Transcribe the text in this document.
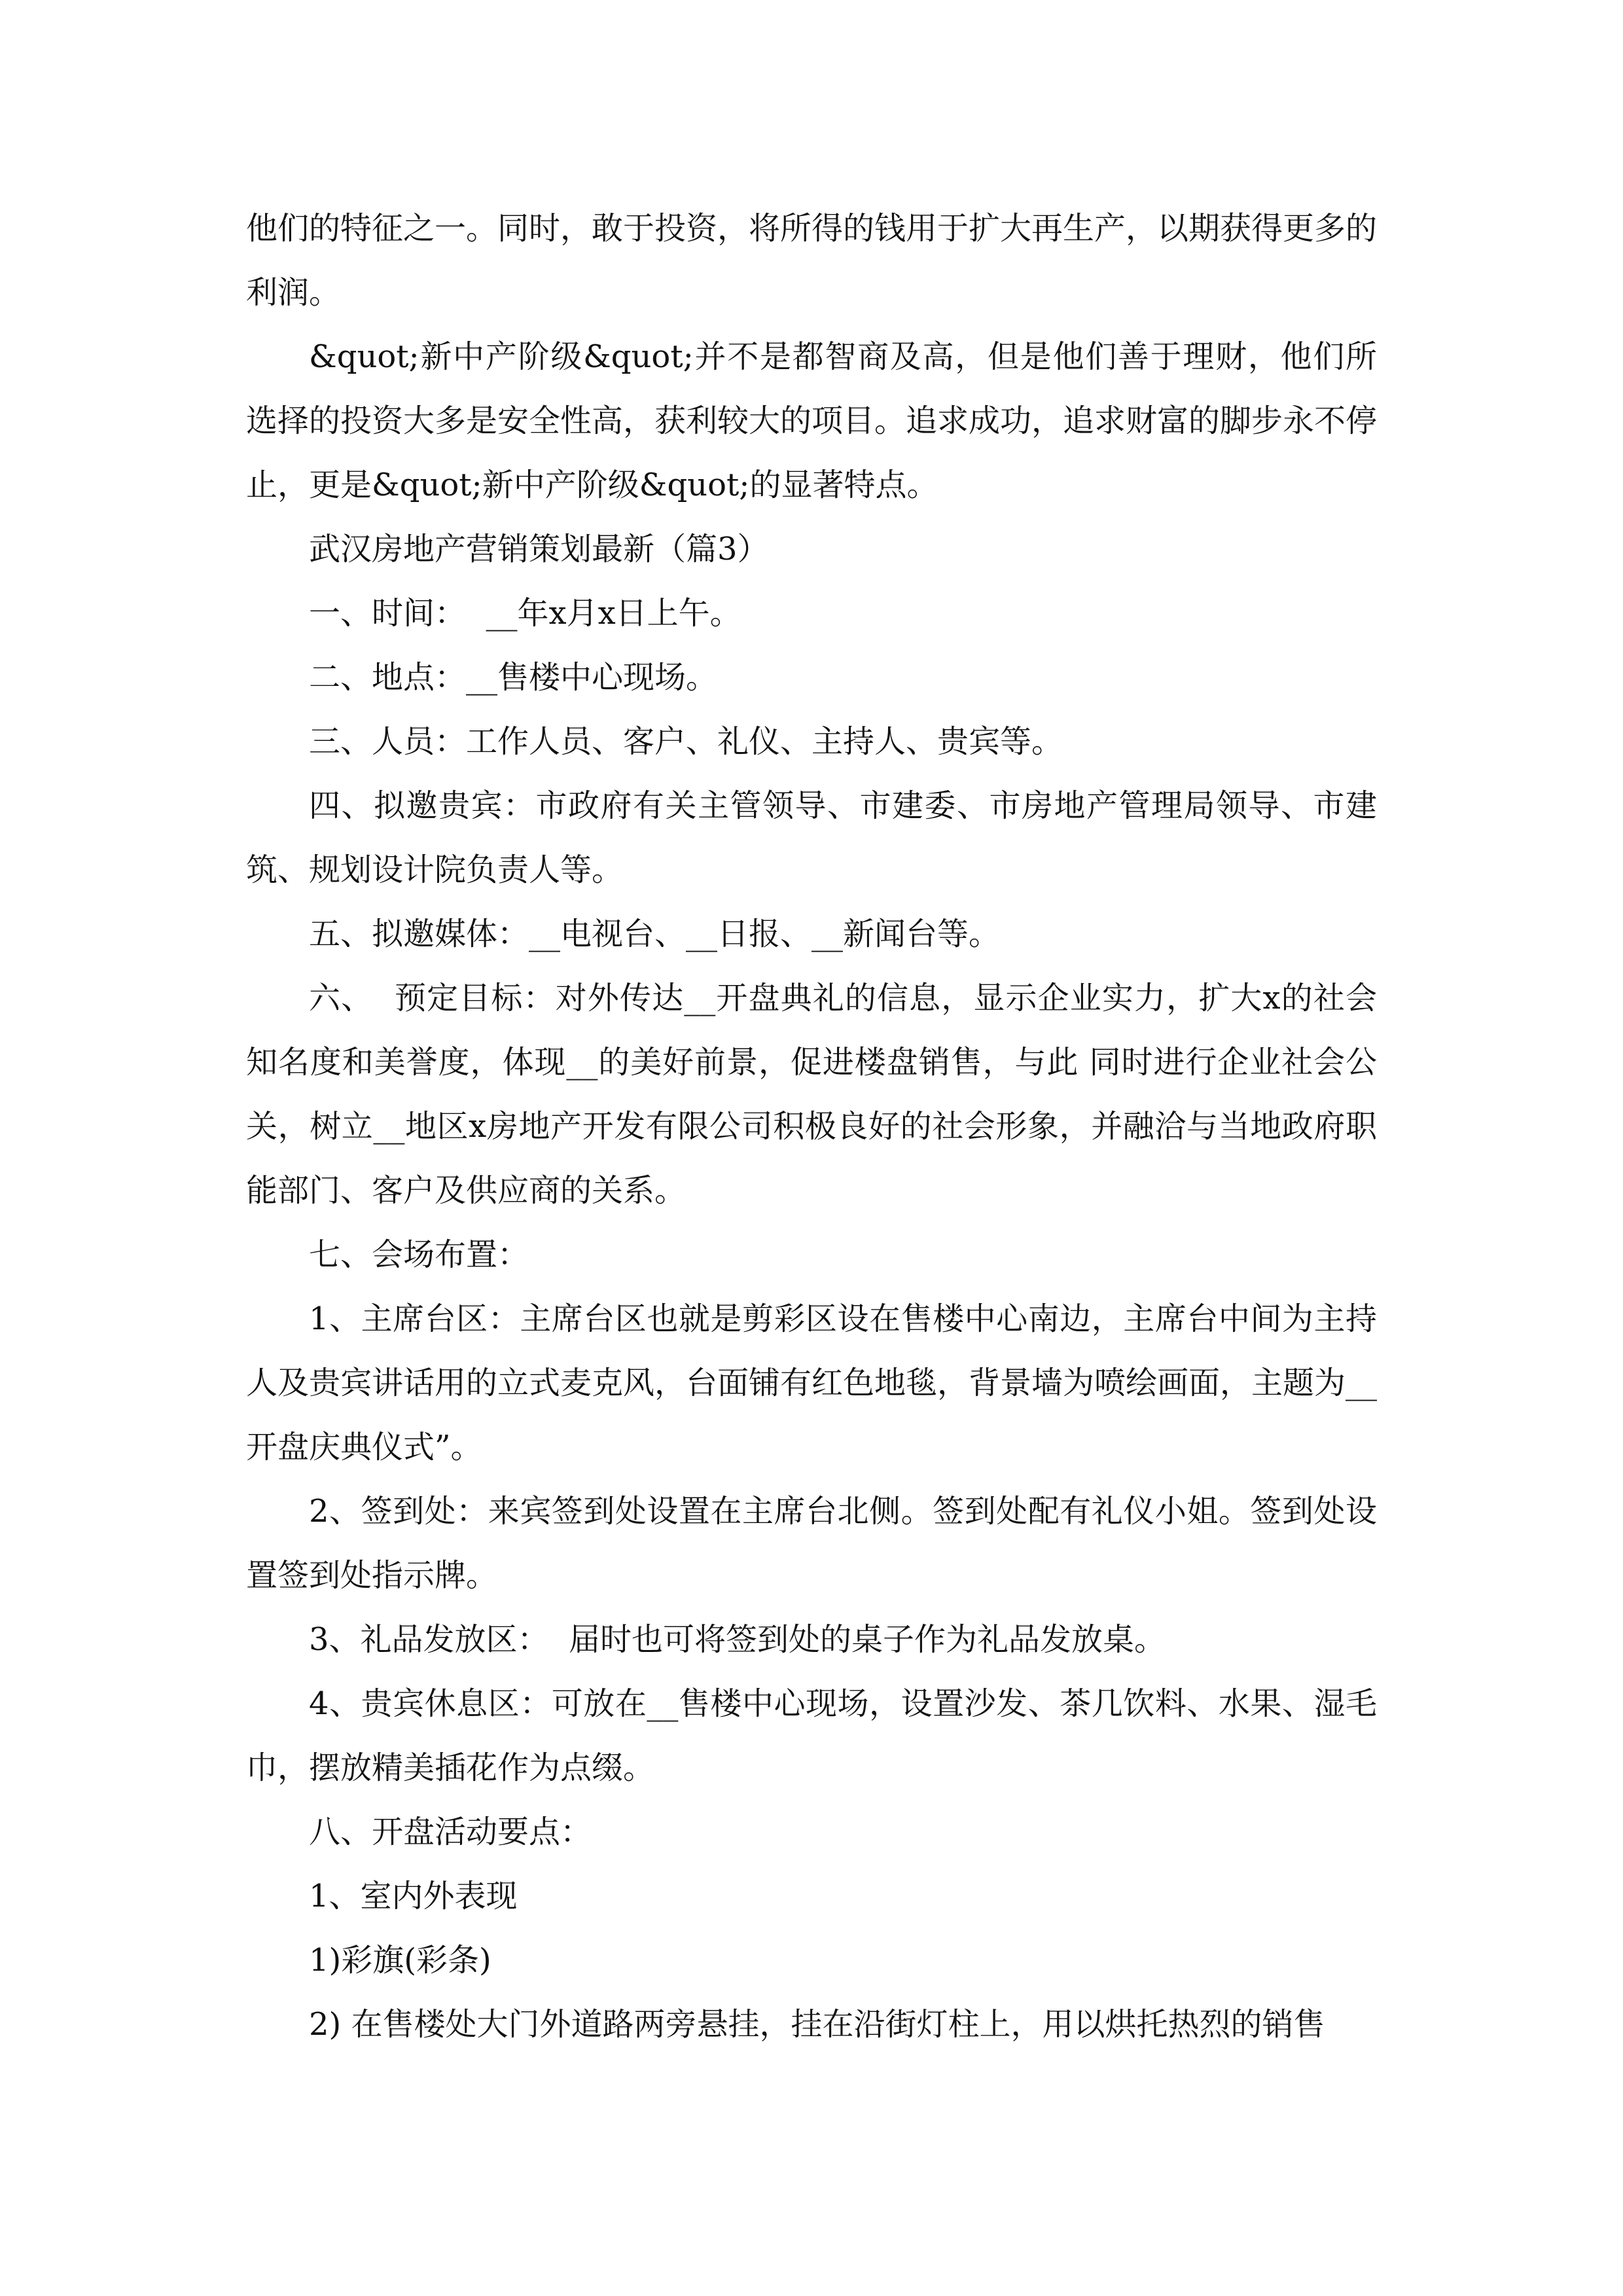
他们的特征之一。同时，敢于投资，将所得的钱用于扩大再生产，以期获得更多的利润。

&quot;新中产阶级&quot;并不是都智商及高，但是他们善于理财，他们所选择的投资大多是安全性高，获利较大的项目。追求成功，追求财富的脚步永不停止，更是&quot;新中产阶级&quot;的显著特点。

武汉房地产营销策划最新（篇3）

一、时间：  __年x月x日上午。

二、地点：__售楼中心现场。

三、人员：工作人员、客户、礼仪、主持人、贵宾等。

四、拟邀贵宾：市政府有关主管领导、市建委、市房地产管理局领导、市建筑、规划设计院负责人等。

五、拟邀媒体：__电视台、__日报、__新闻台等。

六、  预定目标：对外传达__开盘典礼的信息，显示企业实力，扩大x的社会知名度和美誉度，体现__的美好前景，促进楼盘销售，与此 同时进行企业社会公关，树立__地区x房地产开发有限公司积极良好的社会形象，并融洽与当地政府职能部门、客户及供应商的关系。

七、会场布置：

1、主席台区：主席台区也就是剪彩区设在售楼中心南边，主席台中间为主持人及贵宾讲话用的立式麦克风，台面铺有红色地毯，背景墙为喷绘画面，主题为__开盘庆典仪式”。

2、签到处：来宾签到处设置在主席台北侧。签到处配有礼仪小姐。签到处设置签到处指示牌。

3、礼品发放区：  届时也可将签到处的桌子作为礼品发放桌。

4、贵宾休息区：可放在__售楼中心现场，设置沙发、茶几饮料、水果、湿毛巾，摆放精美插花作为点缀。

八、开盘活动要点：

1、室内外表现

1)彩旗(彩条)

2) 在售楼处大门外道路两旁悬挂，挂在沿街灯柱上，用以烘托热烈的销售
